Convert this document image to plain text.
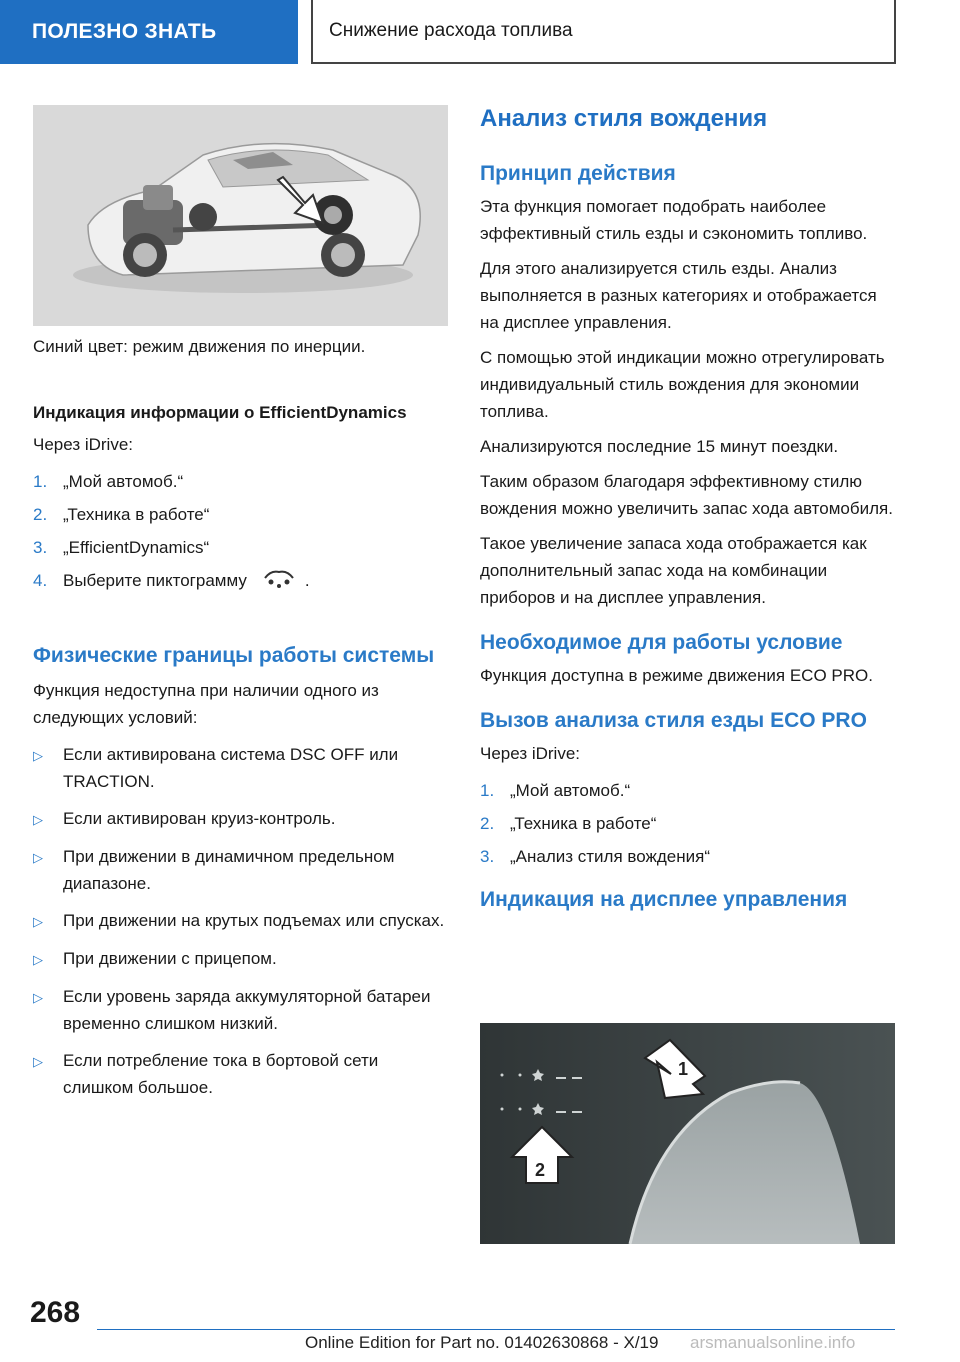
ПОЛЕЗНО ЗНАТЬ	Снижение расхода топлива
Синий цвет: режим движения по инерции.

Индикация информации о EfficientDynamics

Через iDrive:

1. „Мой автомоб.“
2. „Техника в работе“
3. „EfficientDynamics“
4. Выберите пиктограмму	.

Физические границы работы системы

Функция недоступна при наличии одного из следующих условий:

▷	Если активирована система DSC OFF или TRACTION.
▷	Если активирован круиз-контроль.
▷	При движении в динамичном предельном диапазоне.
▷	При движении на крутых подъемах или спусках.
▷	При движении с прицепом.
▷	Если уровень заряда аккумуляторной батареи временно слишком низкий.
▷	Если потребление тока в бортовой сети слишком большое.

Анализ стиля вождения

Принцип действия

Эта функция помогает подобрать наиболее эффективный стиль езды и сэкономить топливо.

Для этого анализируется стиль езды. Анализ выполняется в разных категориях и отображается на дисплее управления.

С помощью этой индикации можно отрегулировать индивидуальный стиль вождения для экономии топлива.

Анализируются последние 15 минут поездки.

Таким образом благодаря эффективному стилю вождения можно увеличить запас хода автомобиля.

Такое увеличение запаса хода отображается как дополнительный запас хода на комбинации приборов и на дисплее управления.

Необходимое для работы условие

Функция доступна в режиме движения ECO PRO.

Вызов анализа стиля езды ECO PRO

Через iDrive:

1. „Мой автомоб.“
2. „Техника в работе“
3. „Анализ стиля вождения“

Индикация на дисплее управления

1
2
268
Online Edition for Part no. 01402630868 - X/19 arsmanualsonline.info
